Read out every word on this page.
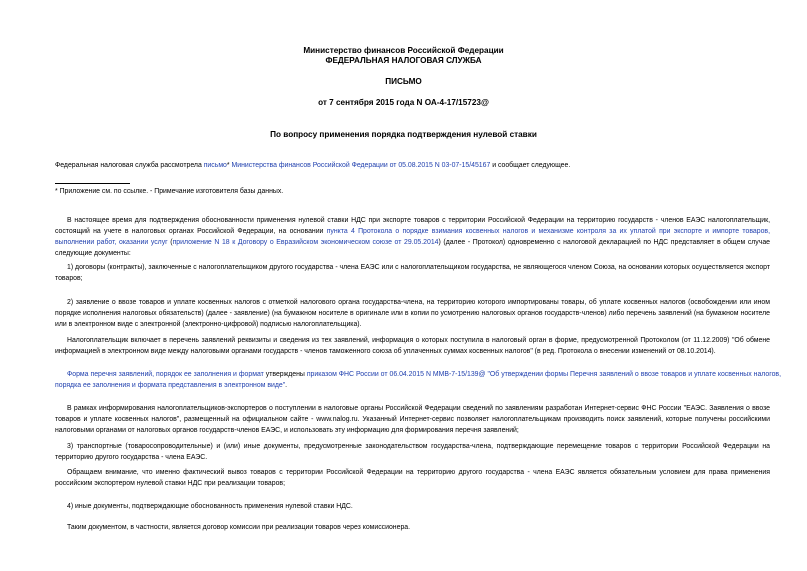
Министерство финансов Российской Федерации
ФЕДЕРАЛЬНАЯ НАЛОГОВАЯ СЛУЖБА
ПИСЬМО
от 7 сентября 2015 года N ОА-4-17/15723@
По вопросу применения порядка подтверждения нулевой ставки
Федеральная налоговая служба рассмотрела письмо* Министерства финансов Российской Федерации от 05.08.2015 N 03-07-15/45167 и сообщает следующее.
* Приложение см. по ссылке. - Примечание изготовителя базы данных.
В настоящее время для подтверждения обоснованности применения нулевой ставки НДС при экспорте товаров с территории Российской Федерации на территорию государств - членов ЕАЭС налогоплательщик, состоящий на учете в налоговых органах Российской Федерации, на основании пункта 4 Протокола о порядке взимания косвенных налогов и механизме контроля за их уплатой при экспорте и импорте товаров, выполнении работ, оказании услуг (приложение N 18 к Договору о Евразийском экономическом союзе от 29.05.2014) (далее - Протокол) одновременно с налоговой декларацией по НДС представляет в общем случае следующие документы:
1) договоры (контракты), заключенные с налогоплательщиком другого государства - члена ЕАЭС или с налогоплательщиком государства, не являющегося членом Союза, на основании которых осуществляется экспорт товаров;
2) заявление о ввозе товаров и уплате косвенных налогов с отметкой налогового органа государства-члена, на территорию которого импортированы товары, об уплате косвенных налогов (освобождении или ином порядке исполнения налоговых обязательств) (далее - заявление) (на бумажном носителе в оригинале или в копии по усмотрению налоговых органов государств-членов) либо перечень заявлений (на бумажном носителе или в электронном виде с электронной (электронно-цифровой) подписью налогоплательщика).
Налогоплательщик включает в перечень заявлений реквизиты и сведения из тех заявлений, информация о которых поступила в налоговый орган в форме, предусмотренной Протоколом (от 11.12.2009) "Об обмене информацией в электронном виде между налоговыми органами государств - членов таможенного союза об уплаченных суммах косвенных налогов" (в ред. Протокола о внесении изменений от 08.10.2014).
Форма перечня заявлений, порядок ее заполнения и формат утверждены приказом ФНС России от 06.04.2015 N ММВ-7-15/139@ "Об утверждении формы Перечня заявлений о ввозе товаров и уплате косвенных налогов, порядка ее заполнения и формата представления в электронном виде".
В рамках информирования налогоплательщиков-экспортеров о поступлении в налоговые органы Российской Федерации сведений по заявлениям разработан Интернет-сервис ФНС России "ЕАЭС. Заявления о ввозе товаров и уплате косвенных налогов", размещенный на официальном сайте - www.nalog.ru. Указанный Интернет-сервис позволяет налогоплательщикам производить поиск заявлений, которые получены российскими налоговыми органами от налоговых органов государств-членов ЕАЭС, и использовать эту информацию для формирования перечня заявлений;
3) транспортные (товаросопроводительные) и (или) иные документы, предусмотренные законодательством государства-члена, подтверждающие перемещение товаров с территории Российской Федерации на территорию другого государства - члена ЕАЭС.
Обращаем внимание, что именно фактический вывоз товаров с территории Российской Федерации на территорию другого государства - члена ЕАЭС является обязательным условием для права применения российским экспортером нулевой ставки НДС при реализации товаров;
4) иные документы, подтверждающие обоснованность применения нулевой ставки НДС.
Таким документом, в частности, является договор комиссии при реализации товаров через комиссионера.
